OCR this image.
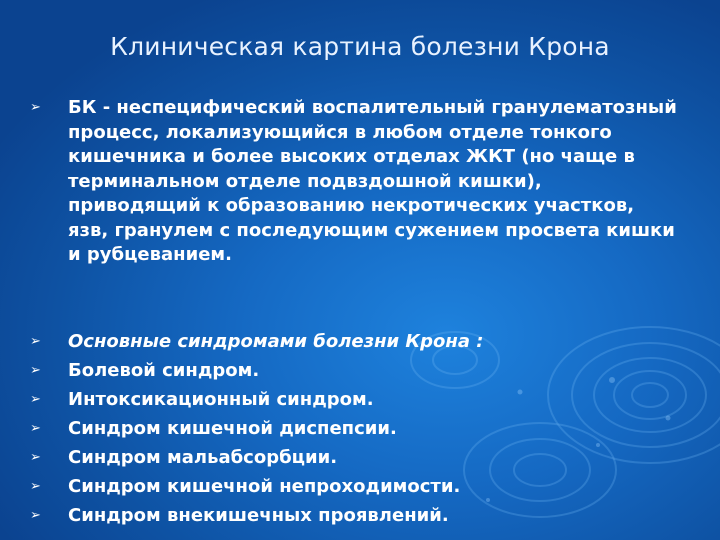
Клиническая картина болезни Крона
➢	БК - неспецифический воспалительный гранулематозный процесс, локализующийся в любом отделе тонкого кишечника и более высоких отделах ЖКТ (но чаще в терминальном отделе подвздошной кишки), приводящий к образованию некротических участков, язв, гранулем с последующим сужением просвета кишки и рубцеванием.
➢	Основные синдромами болезни Крона :
➢	Болевой синдром.
➢	Интоксикационный синдром.
➢	Синдром кишечной диспепсии.
➢	Синдром мальабсорбции.
➢	Синдром кишечной непроходимости.
➢	Синдром внекишечных проявлений.
